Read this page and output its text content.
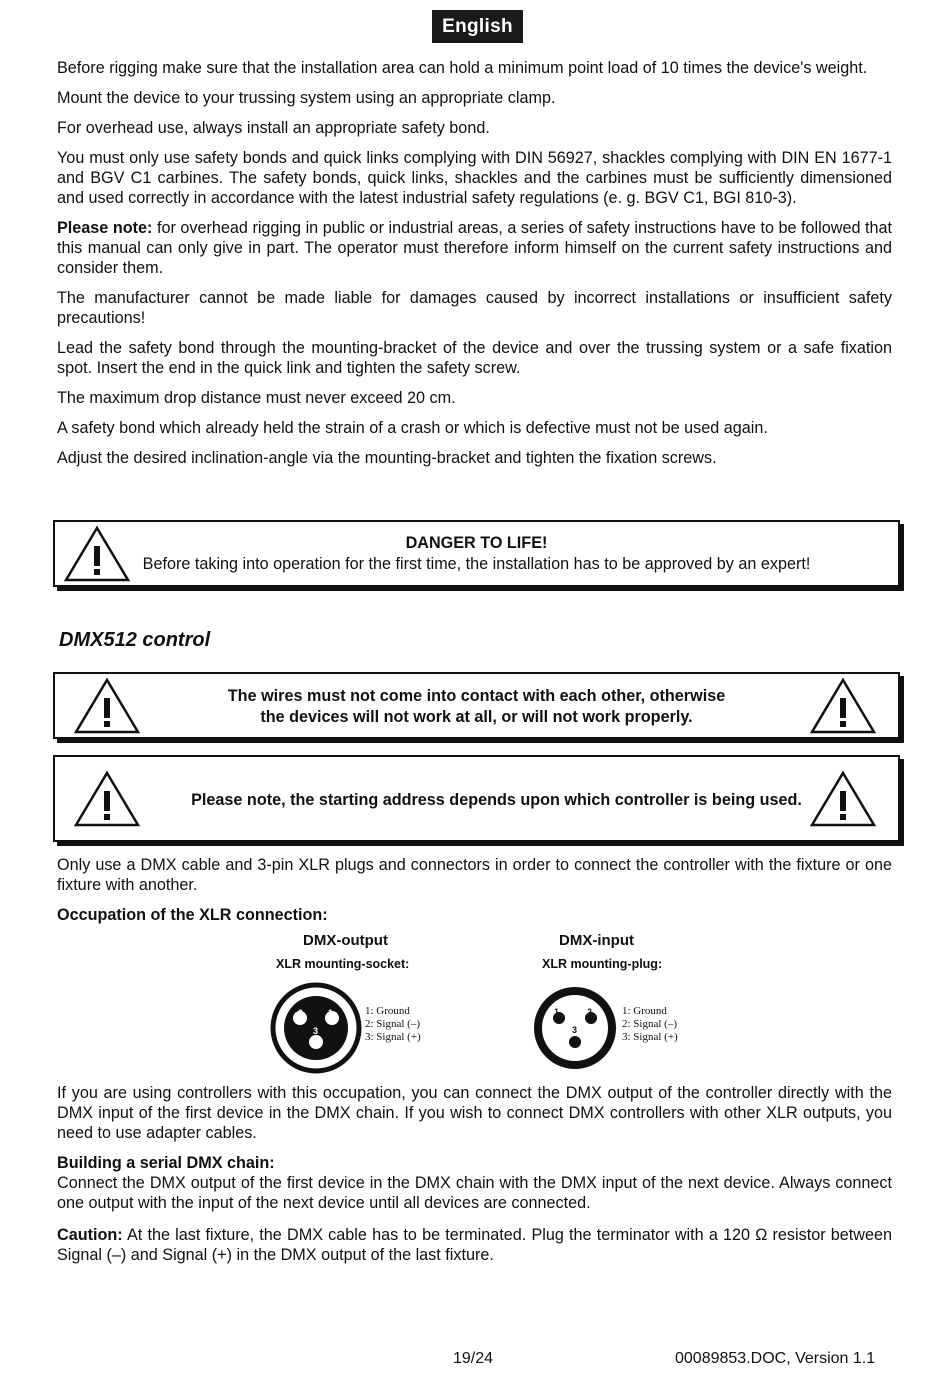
English

Before rigging make sure that the installation area can hold a minimum point load of 10 times the device's weight.

Mount the device to your trussing system using an appropriate clamp.

For overhead use, always install an appropriate safety bond.

You must only use safety bonds and quick links complying with DIN 56927, shackles complying with DIN EN 1677-1 and BGV C1 carbines. The safety bonds, quick links, shackles and the carbines must be sufficiently dimensioned and used correctly in accordance with the latest industrial safety regulations (e. g. BGV C1, BGI 810-3).

Please note: for overhead rigging in public or industrial areas, a series of safety instructions have to be followed that this manual can only give in part. The operator must therefore inform himself on the current safety instructions and consider them.

The manufacturer cannot be made liable for damages caused by incorrect installations or insufficient safety precautions!

Lead the safety bond through the mounting-bracket of the device and over the trussing system or a safe fixation spot. Insert the end in the quick link and tighten the safety screw.

The maximum drop distance must never exceed 20 cm.

A safety bond which already held the strain of a crash or which is defective must not be used again.

Adjust the desired inclination-angle via the mounting-bracket and tighten the fixation screws.

DANGER TO LIFE!
Before taking into operation for the first time, the installation has to be approved by an expert!
DMX512 control
The wires must not come into contact with each other, otherwise
the devices will not work at all, or will not work properly.
Please note, the starting address depends upon which controller is being used.

Only use a DMX cable and 3-pin XLR plugs and connectors in order to connect the controller with the fixture or one fixture with another.

Occupation of the XLR connection:

DMX-output
XLR mounting-socket:
2	1
3
1: Ground
2: Signal (–)
3: Signal (+)
DMX-input
XLR mounting-plug:
1	2
3
1: Ground
2: Signal (–)
3: Signal (+)

If you are using controllers with this occupation, you can connect the DMX output of the controller directly with the DMX input of the first device in the DMX chain. If you wish to connect DMX controllers with other XLR outputs, you need to use adapter cables.

Building a serial DMX chain:
Connect the DMX output of the first device in the DMX chain with the DMX input of the next device. Always connect one output with the input of the next device until all devices are connected.

Caution: At the last fixture, the DMX cable has to be terminated. Plug the terminator with a 120 Ω resistor between Signal (–) and Signal (+) in the DMX output of the last fixture.

19/24	00089853.DOC, Version 1.1
